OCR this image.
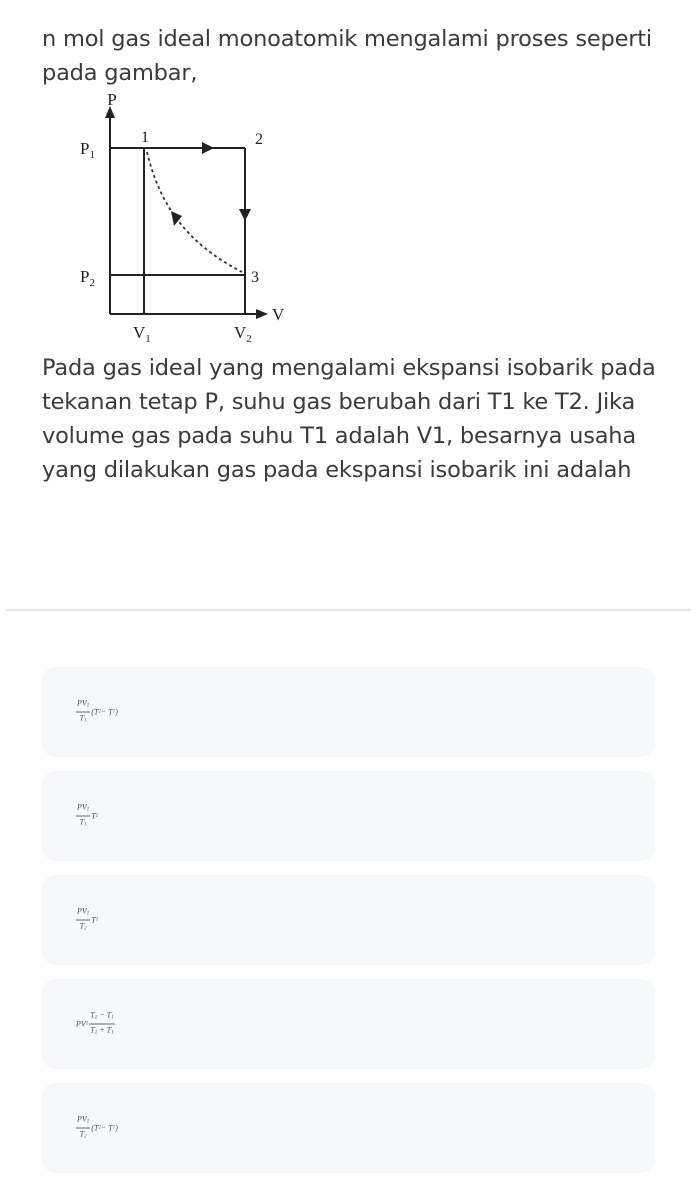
n mol gas ideal monoatomik mengalami proses seperti pada gambar,

P
V
$P_1$
$P_2$
$V_1$	$V_2$
1	2
3

Pada gas ideal yang mengalami ekspansi isobarik pada tekanan tetap P, suhu gas berubah dari T1 ke T2. Jika volume gas pada suhu T1 adalah V1, besarnya usaha yang dilakukan gas pada ekspansi isobarik ini adalah

$\frac{PV_1}{T_1} (T$ 2 − T 1 )
$\frac{PV_1}{T_1}$ T 2
$\frac{PV_1}{T_2}$ T 1
PV $1 \frac{T_2 - T_1}{T_2 + T_1}$
$\frac{PV_1}{T_2} (T$ 2 − T 1 )
